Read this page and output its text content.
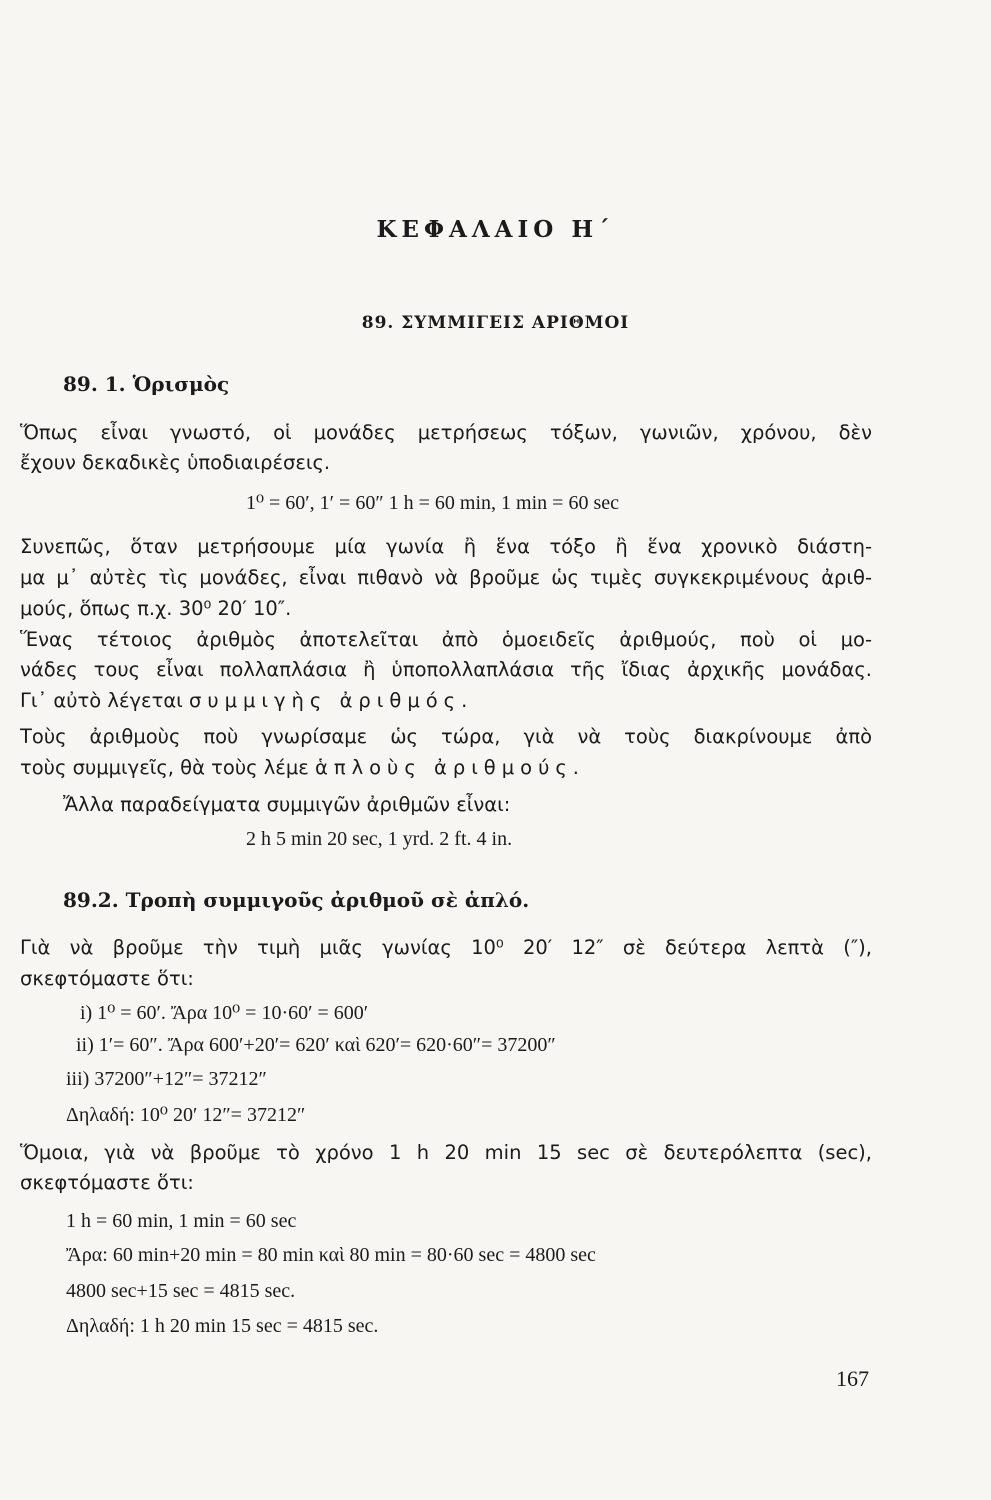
ΚΕΦΑΛΑΙΟ Η΄
89. ΣΥΜΜΙΓΕΙΣ ΑΡΙΘΜΟΙ
89. 1. Ὁρισμὸς
Ὅπως εἶναι γνωστό, οἱ μονάδες μετρήσεως τόξων, γωνιῶν, χρόνου, δὲν
ἔχουν δεκαδικὲς ὑποδιαιρέσεις.
1⁰ = 60′, 1′ = 60″ 1 h = 60 min, 1 min = 60 sec
Συνεπῶς, ὅταν μετρήσουμε μία γωνία ἢ ἕνα τόξο ἢ ἕνα χρονικὸ διάστη-
μα μ᾽ αὐτὲς τὶς μονάδες, εἶναι πιθανὸ νὰ βροῦμε ὡς τιμὲς συγκεκριμένους ἀριθ-
μούς, ὅπως π.χ. 30⁰ 20′ 10″.
Ἕνας τέτοιος ἀριθμὸς ἀποτελεῖται ἀπὸ ὁμοειδεῖς ἀριθμούς, ποὺ οἱ μο-
νάδες τους εἶναι πολλαπλάσια ἢ ὑποπολλαπλάσια τῆς ἴδιας ἀρχικῆς μονάδας.
Γι᾽ αὐτὸ λέγεται συμμιγὴς ἀριθμός.
Τοὺς ἀριθμοὺς ποὺ γνωρίσαμε ὡς τώρα, γιὰ νὰ τοὺς διακρίνουμε ἀπὸ
τοὺς συμμιγεῖς, θὰ τοὺς λέμε ἁπλοὺς ἀριθμούς.
Ἄλλα παραδείγματα συμμιγῶν ἀριθμῶν εἶναι:
2 h 5 min 20 sec, 1 yrd. 2 ft. 4 in.
89.2. Τροπὴ συμμιγοῦς ἀριθμοῦ σὲ ἁπλό.
Γιὰ νὰ βροῦμε τὴν τιμὴ μιᾶς γωνίας 10⁰ 20′ 12″ σὲ δεύτερα λεπτὰ (″),
σκεφτόμαστε ὅτι:
i) 1⁰ = 60′. Ἄρα 10⁰ = 10·60′ = 600′
ii) 1′= 60″. Ἄρα 600′+20′= 620′ καὶ 620′= 620·60″= 37200″
iii) 37200″+12″= 37212″
Δηλαδή: 10⁰ 20′ 12″= 37212″
Ὅμοια, γιὰ νὰ βροῦμε τὸ χρόνο 1 h 20 min 15 sec σὲ δευτερόλεπτα (sec),
σκεφτόμαστε ὅτι:
1 h = 60 min, 1 min = 60 sec
Ἄρα: 60 min+20 min = 80 min καὶ 80 min = 80·60 sec = 4800 sec
4800 sec+15 sec = 4815 sec.
Δηλαδή: 1 h 20 min 15 sec = 4815 sec.
167
